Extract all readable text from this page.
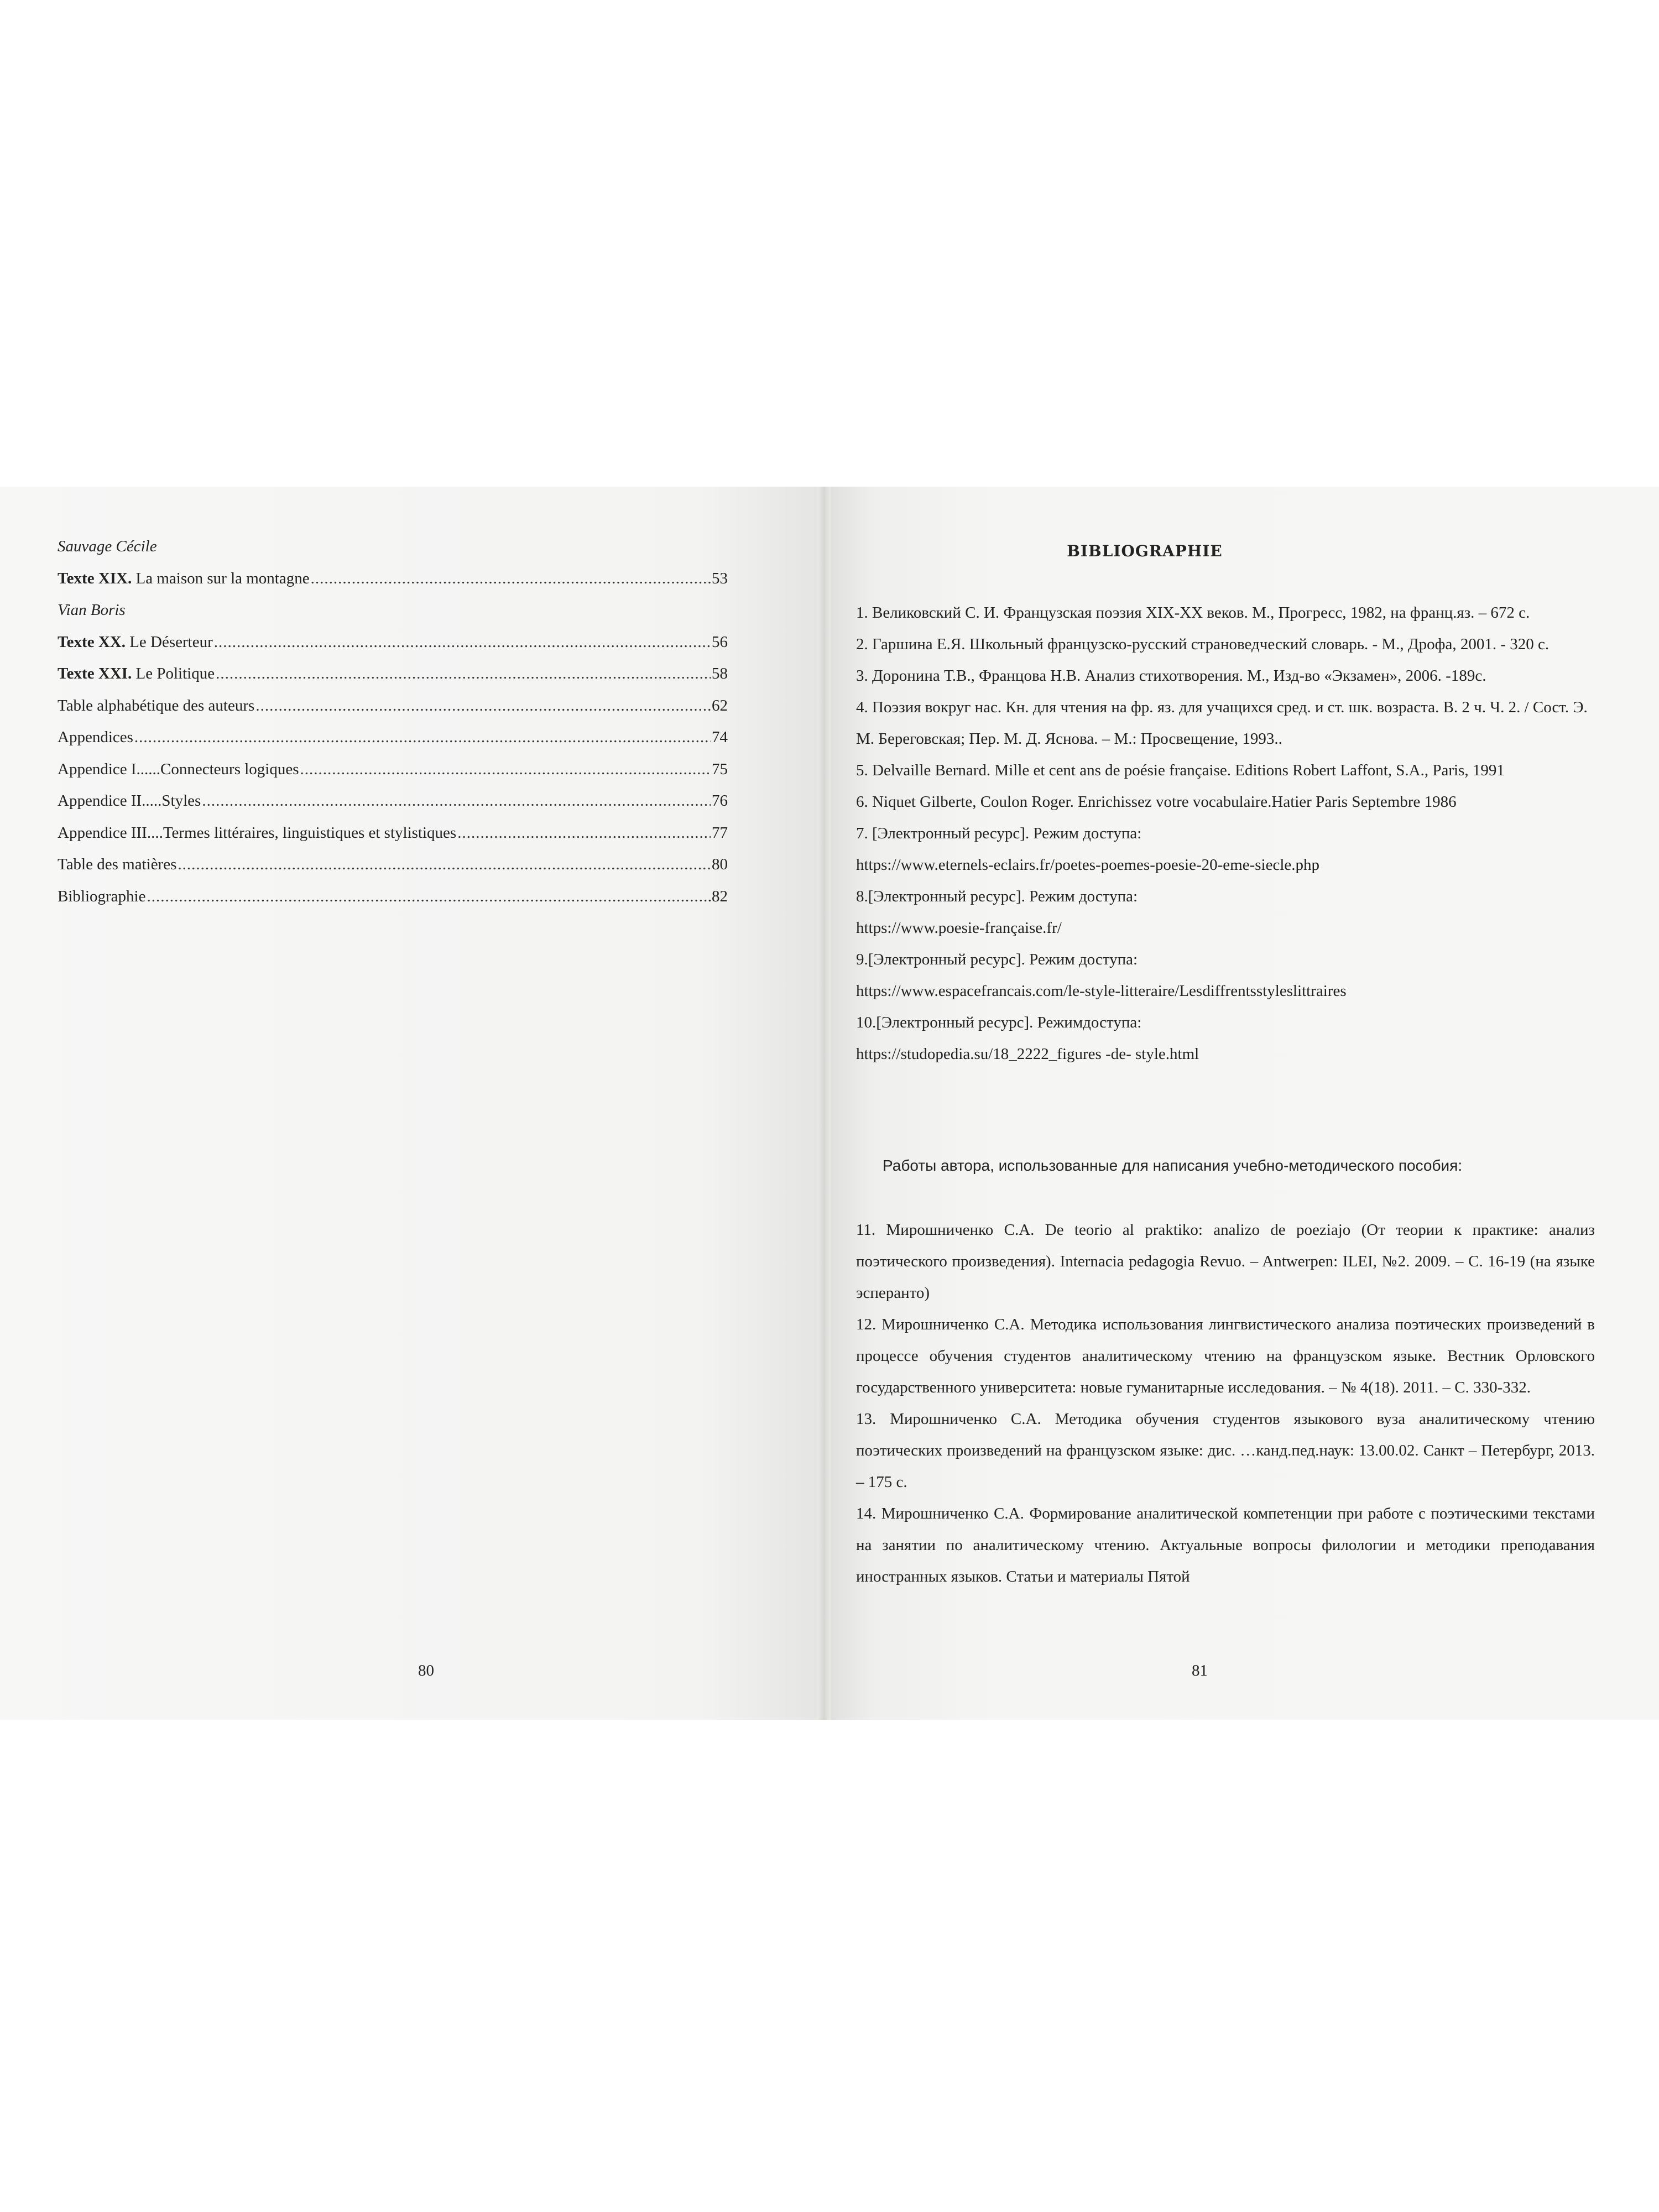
Sauvage Cécile
Texte XIX. La maison sur la montagne .....	53
Vian Boris
Texte XX. Le Déserteur .....	56
Texte XXI. Le Politique .....	58
Table alphabétique des auteurs .....	62
Appendices .....	74
Appendice I......Connecteurs logiques .....	75
Appendice II.....Styles .....	76
Appendice III....Termes littéraires, linguistiques et stylistiques .....	77
Table des matières .....	80
Bibliographie .....	.82
80
BIBLIOGRAPHIE
1. Великовский С. И. Французская поэзия XIX-XX веков. М., Прогресс, 1982, на франц.яз. – 672 с.
2. Гаршина Е.Я. Школьный французско-русский страноведческий словарь. - М., Дрофа, 2001. - 320 с.
3. Доронина Т.В., Францова Н.В. Анализ стихотворения. М., Изд-во «Экзамен», 2006. -189с.
4. Поэзия вокруг нас. Кн. для чтения на фр. яз. для учащихся сред. и ст. шк. возраста. В. 2 ч. Ч. 2. / Сост. Э. М. Береговская; Пер. М. Д. Яснова. – М.: Просвещение, 1993..
5. Delvaille Bernard. Mille et cent ans de poésie française. Editions Robert Laffont, S.A., Paris, 1991
6. Niquet Gilberte, Coulon Roger. Enrichissez votre vocabulaire.Hatier Paris Septembre 1986
7. [Электронный ресурс]. Режим доступа:
https://www.eternels-eclairs.fr/poetes-poemes-poesie-20-eme-siecle.php
8.[Электронный ресурс]. Режим доступа:
https://www.poesie-française.fr/
9.[Электронный ресурс]. Режим доступа:
https://www.espacefrancais.com/le-style-litteraire/Lesdiffrentsstyleslittraires
10.[Электронный ресурс]. Режимдоступа:
https://studopedia.su/18_2222_figures -de- style.html
Работы автора, использованные для написания учебно-методического пособия:
11. Мирошниченко С.А. De teorio al praktiko: analizo de poeziajo (От теории к практике: анализ поэтического произведения). Internacia pedagogia Revuo. – Antwerpen: ILEI, №2. 2009. – С. 16-19 (на языке эсперанто)
12. Мирошниченко С.А. Методика использования лингвистического анализа поэтических произведений в процессе обучения студентов аналитическому чтению на французском языке. Вестник Орловского государственного университета: новые гуманитарные исследования. – № 4(18). 2011. – С. 330-332.
13. Мирошниченко С.А. Методика обучения студентов языкового вуза аналитическому чтению поэтических произведений на французском языке: дис. …канд.пед.наук: 13.00.02. Санкт – Петербург, 2013. – 175 с.
14. Мирошниченко С.А. Формирование аналитической компетенции при работе с поэтическими текстами на занятии по аналитическому чтению. Актуальные вопросы филологии и методики преподавания иностранных языков. Статьи и материалы Пятой
81
